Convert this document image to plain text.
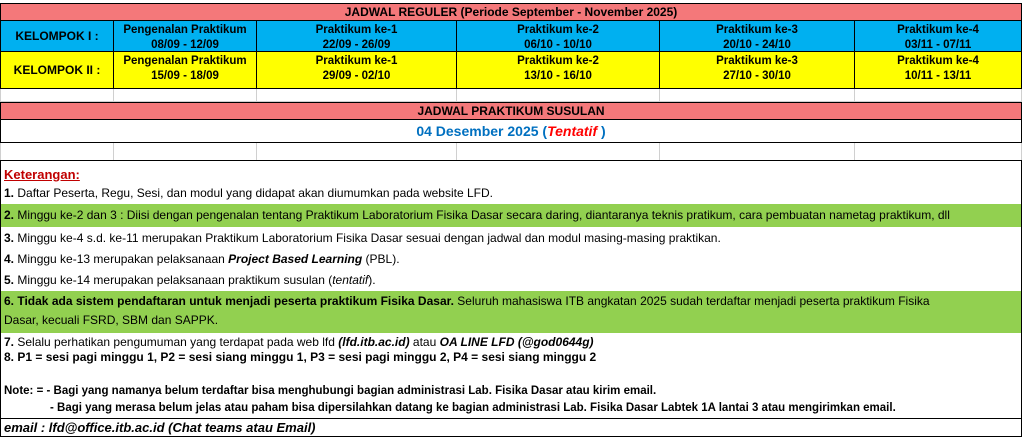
JADWAL REGULER (Periode September - November 2025)
KELOMPOK I :	Pengenalan Praktikum
08/09 - 12/09
Praktikum ke-1
22/09 - 26/09
Praktikum ke-2
06/10 - 10/10
Praktikum ke-3
20/10 - 24/10
Praktikum ke-4
03/11 - 07/11
KELOMPOK II :
Pengenalan Praktikum
15/09 - 18/09
Praktikum ke-1
29/09 - 02/10
Praktikum ke-2
13/10 - 16/10
Praktikum ke-3
27/10 - 30/10
Praktikum ke-4
10/11 - 13/11
JADWAL PRAKTIKUM SUSULAN
04 Desember 2025 (Tentatif )
Keterangan:
1. Daftar Peserta, Regu, Sesi, dan modul yang didapat akan diumumkan pada website LFD.
2. Minggu ke-2 dan 3 : Diisi dengan pengenalan tentang Praktikum Laboratorium Fisika Dasar secara daring, diantaranya teknis pratikum, cara pembuatan nametag praktikum, dll
3. Minggu ke-4 s.d. ke-11 merupakan Praktikum Laboratorium Fisika Dasar sesuai dengan jadwal dan modul masing-masing praktikan.
4. Minggu ke-13 merupakan pelaksanaan Project Based Learning (PBL).
5. Minggu ke-14 merupakan pelaksanaan praktikum susulan (tentatif).
6. Tidak ada sistem pendaftaran untuk menjadi peserta praktikum Fisika Dasar. Seluruh mahasiswa ITB angkatan 2025 sudah terdaftar menjadi peserta praktikum Fisika
Dasar, kecuali FSRD, SBM dan SAPPK.
7. Selalu perhatikan pengumuman yang terdapat pada web lfd (lfd.itb.ac.id) atau OA LINE LFD (@god0644g)
8. P1 = sesi pagi minggu 1, P2 = sesi siang minggu 1, P3 = sesi pagi minggu 2, P4 = sesi siang minggu 2
Note: = - Bagi yang namanya belum terdaftar bisa menghubungi bagian administrasi Lab. Fisika Dasar atau kirim email.
- Bagi yang merasa belum jelas atau paham bisa dipersilahkan datang ke bagian administrasi Lab. Fisika Dasar Labtek 1A lantai 3 atau mengirimkan email.
email : lfd@office.itb.ac.id (Chat teams atau Email)
